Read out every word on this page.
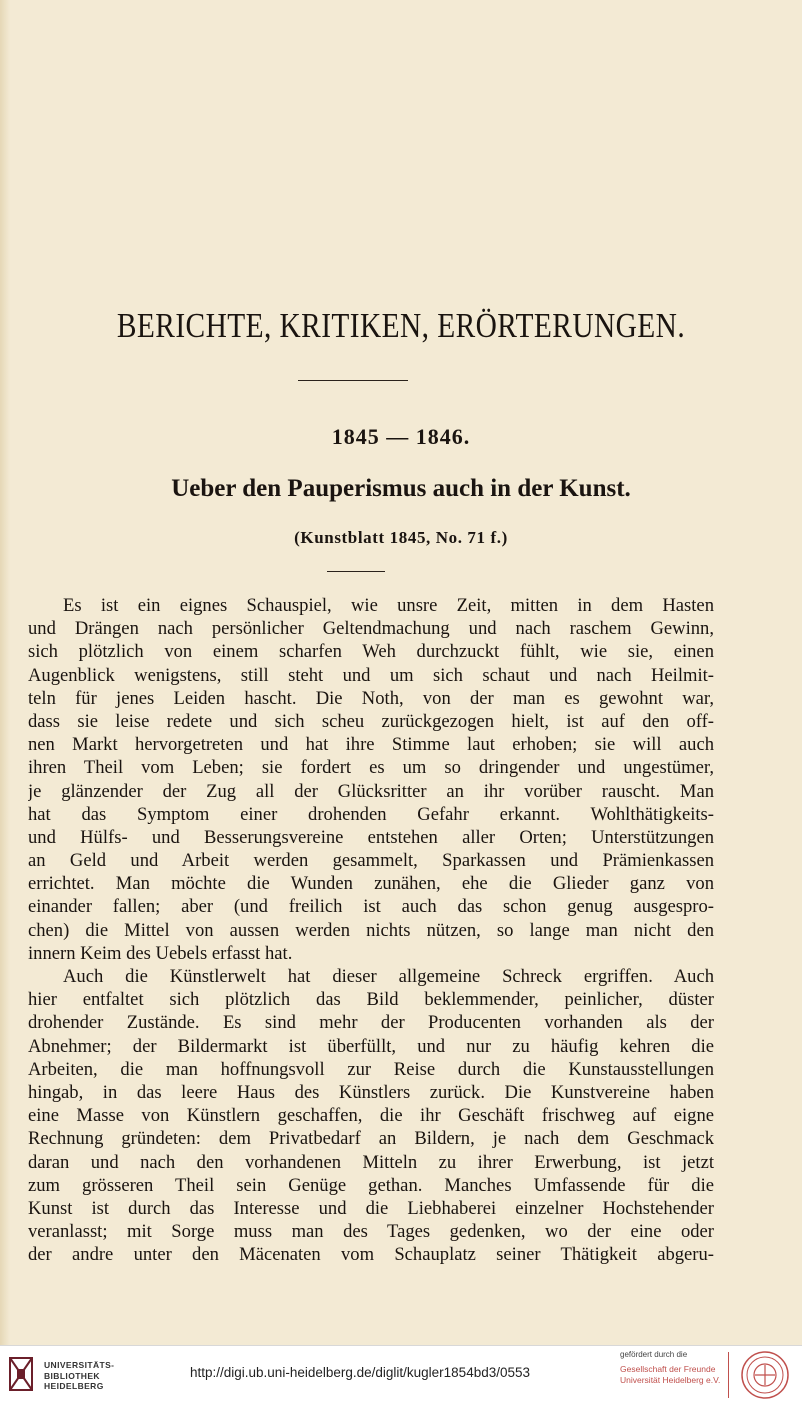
BERICHTE, KRITIKEN, ERÖRTERUNGEN.
1845 — 1846.
Ueber den Pauperismus auch in der Kunst.
(Kunstblatt 1845, No. 71 f.)
Es ist ein eignes Schauspiel, wie unsre Zeit, mitten in dem Hasten
und Drängen nach persönlicher Geltendmachung und nach raschem Gewinn,
sich plötzlich von einem scharfen Weh durchzuckt fühlt, wie sie, einen
Augenblick wenigstens, still steht und um sich schaut und nach Heilmit-
teln für jenes Leiden hascht. Die Noth, von der man es gewohnt war,
dass sie leise redete und sich scheu zurückgezogen hielt, ist auf den off-
nen Markt hervorgetreten und hat ihre Stimme laut erhoben; sie will auch
ihren Theil vom Leben; sie fordert es um so dringender und ungestümer,
je glänzender der Zug all der Glücksritter an ihr vorüber rauscht. Man
hat das Symptom einer drohenden Gefahr erkannt. Wohlthätigkeits-
und Hülfs- und Besserungsvereine entstehen aller Orten; Unterstützungen
an Geld und Arbeit werden gesammelt, Sparkassen und Prämienkassen
errichtet. Man möchte die Wunden zunähen, ehe die Glieder ganz von
einander fallen; aber (und freilich ist auch das schon genug ausgespro-
chen) die Mittel von aussen werden nichts nützen, so lange man nicht den
innern Keim des Uebels erfasst hat.
Auch die Künstlerwelt hat dieser allgemeine Schreck ergriffen. Auch
hier entfaltet sich plötzlich das Bild beklemmender, peinlicher, düster
drohender Zustände. Es sind mehr der Producenten vorhanden als der
Abnehmer; der Bildermarkt ist überfüllt, und nur zu häufig kehren die
Arbeiten, die man hoffnungsvoll zur Reise durch die Kunstausstellungen
hingab, in das leere Haus des Künstlers zurück. Die Kunstvereine haben
eine Masse von Künstlern geschaffen, die ihr Geschäft frischweg auf eigne
Rechnung gründeten: dem Privatbedarf an Bildern, je nach dem Geschmack
daran und nach den vorhandenen Mitteln zu ihrer Erwerbung, ist jetzt
zum grösseren Theil sein Genüge gethan. Manches Umfassende für die
Kunst ist durch das Interesse und die Liebhaberei einzelner Hochstehender
veranlasst; mit Sorge muss man des Tages gedenken, wo der eine oder
der andre unter den Mäcenaten vom Schauplatz seiner Thätigkeit abgeru-
UNIVERSITÄTS-
BIBLIOTHEK
HEIDELBERG
http://digi.ub.uni-heidelberg.de/diglit/kugler1854bd3/0553
gefördert durch die
Gesellschaft der Freunde
Universität Heidelberg e.V.
